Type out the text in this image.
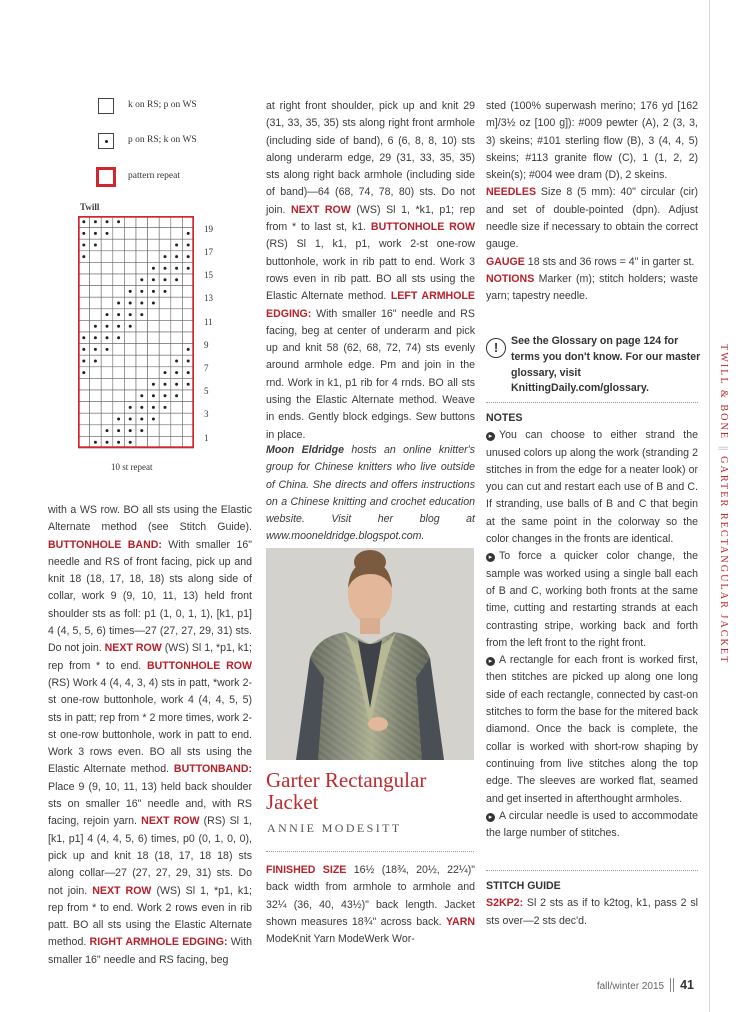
k on RS; p on WS
p on RS; k on WS
pattern repeat
Twill
19
17
15
13
11
9
7
5
3
1
10 st repeat

with a WS row. BO all sts using the Elastic Alternate method (see Stitch Guide). BUTTONHOLE BAND: With smaller 16" needle and RS of front facing, pick up and knit 18 (18, 17, 18, 18) sts along side of collar, work 9 (9, 10, 11, 13) held front shoulder sts as foll: p1 (1, 0, 1, 1), [k1, p1] 4 (4, 5, 5, 6) times—27 (27, 27, 29, 31) sts. Do not join. NEXT ROW (WS) Sl 1, *p1, k1; rep from * to end. BUTTONHOLE ROW (RS) Work 4 (4, 4, 3, 4) sts in patt, *work 2-st one-row buttonhole, work 4 (4, 4, 5, 5) sts in patt; rep from * 2 more times, work 2-st one-row buttonhole, work in patt to end. Work 3 rows even. BO all sts using the Elastic Alternate method. BUTTONBAND: Place 9 (9, 10, 11, 13) held back shoulder sts on smaller 16" needle and, with RS facing, rejoin yarn. NEXT ROW (RS) Sl 1, [k1, p1] 4 (4, 4, 5, 6) times, p0 (0, 1, 0, 0), pick up and knit 18 (18, 17, 18 18) sts along collar—27 (27, 27, 29, 31) sts. Do not join. NEXT ROW (WS) Sl 1, *p1, k1; rep from * to end. Work 2 rows even in rib patt. BO all sts using the Elastic Alternate method. RIGHT ARMHOLE EDGING: With smaller 16" needle and RS facing, beg

at right front shoulder, pick up and knit 29 (31, 33, 35, 35) sts along right front armhole (including side of band), 6 (6, 8, 8, 10) sts along underarm edge, 29 (31, 33, 35, 35) sts along right back armhole (including side of band)—64 (68, 74, 78, 80) sts. Do not join. NEXT ROW (WS) Sl 1, *k1, p1; rep from * to last st, k1. BUTTONHOLE ROW (RS) Sl 1, k1, p1, work 2-st one-row buttonhole, work in rib patt to end. Work 3 rows even in rib patt. BO all sts using the Elastic Alternate method. LEFT ARMHOLE EDGING: With smaller 16" needle and RS facing, beg at center of underarm and pick up and knit 58 (62, 68, 72, 74) sts evenly around armhole edge. Pm and join in the rnd. Work in k1, p1 rib for 4 rnds. BO all sts using the Elastic Alternate method. Weave in ends. Gently block edgings. Sew buttons in place.

Moon Eldridge hosts an online knitter's group for Chinese knitters who live outside of China. She directs and offers instructions on a Chinese knitting and crochet education website. Visit her blog at www.mooneldridge.blogspot.com.

Garter Rectangular
Jacket
ANNIE MODESITT

FINISHED SIZE 16½ (18¾, 20½, 22¼)" back width from armhole to armhole and 32¼ (36, 40, 43½)" back length. Jacket shown measures 18¾" across back. YARN ModeKnit Yarn ModeWerk Wor-

sted (100% superwash merino; 176 yd [162 m]/3½ oz [100 g]): #009 pewter (A), 2 (3, 3, 3) skeins; #101 sterling flow (B), 3 (4, 4, 5) skeins; #113 granite flow (C), 1 (1, 2, 2) skein(s); #004 wee dram (D), 2 skeins.

NEEDLES Size 8 (5 mm): 40" circular (cir) and set of double-pointed (dpn). Adjust needle size if necessary to obtain the correct gauge.

GAUGE 18 sts and 36 rows = 4" in garter st.

NOTIONS Marker (m); stitch holders; waste yarn; tapestry needle.

!	See the Glossary on page 124 for terms you don't know. For our master glossary, visit KnittingDaily.com/glossary.
NOTES

▸ You can choose to either strand the unused colors up along the work (stranding 2 stitches in from the edge for a neater look) or you can cut and restart each use of B and C. If stranding, use balls of B and C that begin at the same point in the colorway so the color changes in the fronts are identical.

▸ To force a quicker color change, the sample was worked using a single ball each of B and C, working both fronts at the same time, cutting and restarting strands at each contrasting stripe, working back and forth from the left front to the right front.

▸ A rectangle for each front is worked first, then stitches are picked up along one long side of each rectangle, connected by cast-on stitches to form the base for the mitered back diamond. Once the back is complete, the collar is worked with short-row shaping by continuing from live stitches along the top edge. The sleeves are worked flat, seamed and get inserted in afterthought armholes.

▸ A circular needle is used to accommodate the large number of stitches.

STITCH GUIDE

S2KP2: Sl 2 sts as if to k2tog, k1, pass 2 sl sts over—2 sts dec'd.

TWILL & BONE||GARTER RECTANGULAR JACKET
fall/winter 2015 41
